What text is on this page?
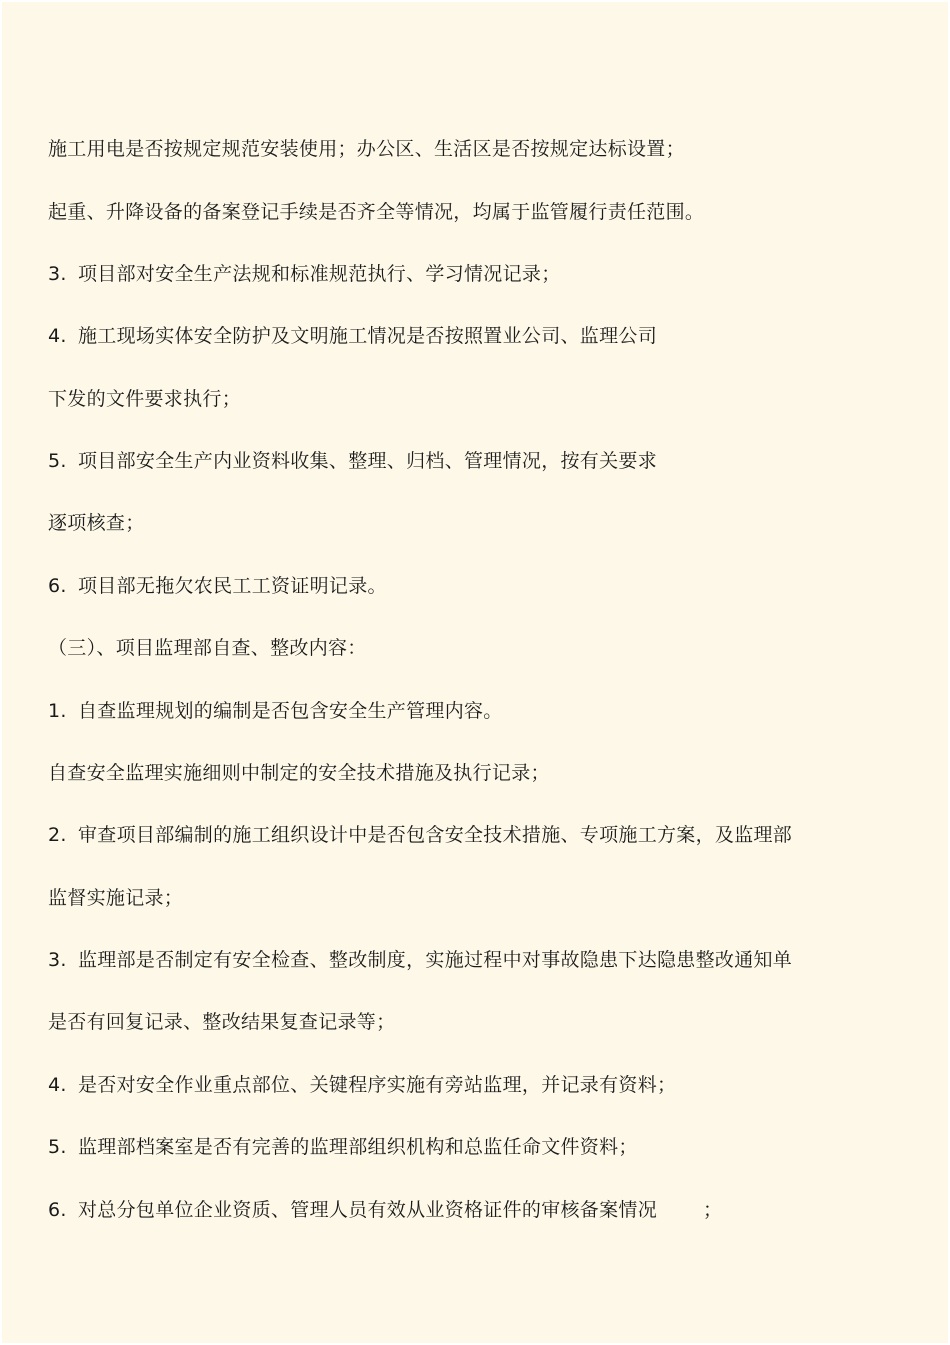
施工用电是否按规定规范安装使用；办公区、生活区是否按规定达标设置；
起重、升降设备的备案登记手续是否齐全等情况，均属于监管履行责任范围。
3. 项目部对安全生产法规和标准规范执行、学习情况记录；
4. 施工现场实体安全防护及文明施工情况是否按照置业公司、监理公司
下发的文件要求执行；
5. 项目部安全生产内业资料收集、整理、归档、管理情况，按有关要求
逐项核查；
6. 项目部无拖欠农民工工资证明记录。
（三）、项目监理部自查、整改内容：
1. 自查监理规划的编制是否包含安全生产管理内容。
自查安全监理实施细则中制定的安全技术措施及执行记录；
2. 审查项目部编制的施工组织设计中是否包含安全技术措施、专项施工方案，及监理部
监督实施记录；
3. 监理部是否制定有安全检查、整改制度，实施过程中对事故隐患下达隐患整改通知单
是否有回复记录、整改结果复查记录等；
4. 是否对安全作业重点部位、关键程序实施有旁站监理，并记录有资料；
5. 监理部档案室是否有完善的监理部组织机构和总监任命文件资料；
6. 对总分包单位企业资质、管理人员有效从业资格证件的审核备案情况 ；
